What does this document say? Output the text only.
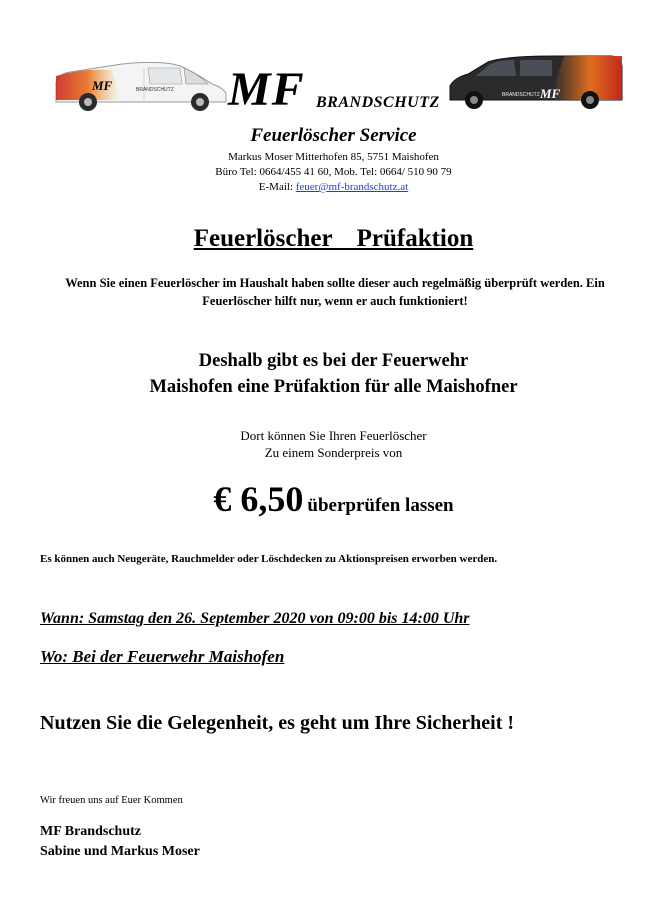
MF	BRANDSCHUTZ
BRANDSCHUTZ MF
MF BRANDSCHUTZ
Feuerlöscher Service
Markus Moser Mitterhofen 85, 5751 Maishofen
Büro Tel: 0664/455 41 60, Mob. Tel: 0664/ 510 90 79
E-Mail: feuer@mf-brandschutz.at
Feuerlöscher  Prüfaktion
Wenn Sie einen Feuerlöscher im Haushalt haben sollte dieser auch regelmäßig überprüft werden. Ein Feuerlöscher hilft nur, wenn er auch funktioniert!
Deshalb gibt es bei der Feuerwehr
Maishofen eine Prüfaktion für alle Maishofner
Dort können Sie Ihren Feuerlöscher
Zu einem Sonderpreis von
€ 6,50 überprüfen lassen
Es können auch Neugeräte, Rauchmelder oder Löschdecken zu Aktionspreisen erworben werden.
Wann: Samstag den 26. September 2020 von 09:00 bis 14:00 Uhr
Wo: Bei der Feuerwehr Maishofen
Nutzen Sie die Gelegenheit, es geht um Ihre Sicherheit !
Wir freuen uns auf Euer Kommen
MF Brandschutz
Sabine und Markus Moser
